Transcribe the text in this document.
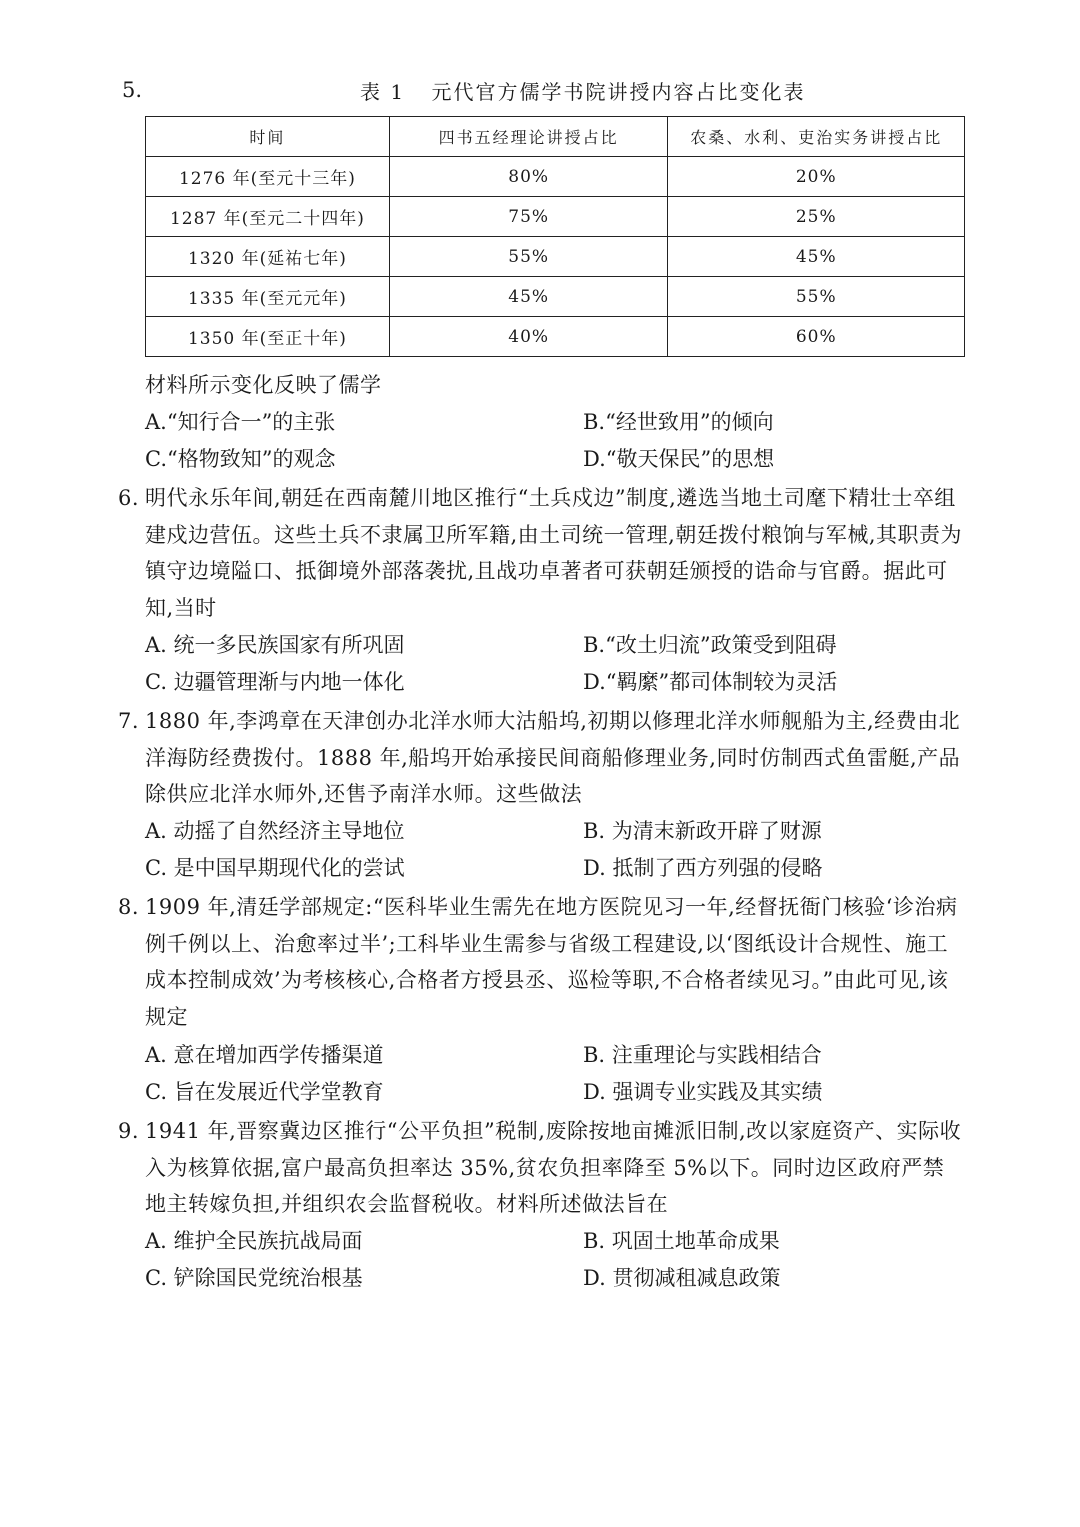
5.	表 1 元代官方儒学书院讲授内容占比变化表
时间	四书五经理论讲授占比	农桑、水利、吏治实务讲授占比
1276 年(至元十三年)	80%	20%
1287 年(至元二十四年)	75%	25%
1320 年(延祐七年)	55%	45%
1335 年(至元元年)	45%	55%
1350 年(至正十年)	40%	60%
材料所示变化反映了儒学
A.“知行合一”的主张	B.“经世致用”的倾向
C.“格物致知”的观念	D.“敬天保民”的思想
6. 明代永乐年间,朝廷在西南麓川地区推行“土兵戍边”制度,遴选当地土司麾下精壮士卒组建戍边营伍。这些土兵不隶属卫所军籍,由土司统一管理,朝廷拨付粮饷与军械,其职责为镇守边境隘口、抵御境外部落袭扰,且战功卓著者可获朝廷颁授的诰命与官爵。据此可知,当时
A. 统一多民族国家有所巩固	B.“改土归流”政策受到阻碍
C. 边疆管理渐与内地一体化	D.“羁縻”都司体制较为灵活
7. 1880 年,李鸿章在天津创办北洋水师大沽船坞,初期以修理北洋水师舰船为主,经费由北洋海防经费拨付。1888 年,船坞开始承接民间商船修理业务,同时仿制西式鱼雷艇,产品除供应北洋水师外,还售予南洋水师。这些做法
A. 动摇了自然经济主导地位	B. 为清末新政开辟了财源
C. 是中国早期现代化的尝试	D. 抵制了西方列强的侵略
8. 1909 年,清廷学部规定:“医科毕业生需先在地方医院见习一年,经督抚衙门核验‘诊治病例千例以上、治愈率过半’;工科毕业生需参与省级工程建设,以‘图纸设计合规性、施工成本控制成效’为考核核心,合格者方授县丞、巡检等职,不合格者续见习。”由此可见,该规定
A. 意在增加西学传播渠道	B. 注重理论与实践相结合
C. 旨在发展近代学堂教育	D. 强调专业实践及其实绩
9. 1941 年,晋察冀边区推行“公平负担”税制,废除按地亩摊派旧制,改以家庭资产、实际收入为核算依据,富户最高负担率达 35%,贫农负担率降至 5%以下。同时边区政府严禁地主转嫁负担,并组织农会监督税收。材料所述做法旨在
A. 维护全民族抗战局面	B. 巩固土地革命成果
C. 铲除国民党统治根基	D. 贯彻减租减息政策
